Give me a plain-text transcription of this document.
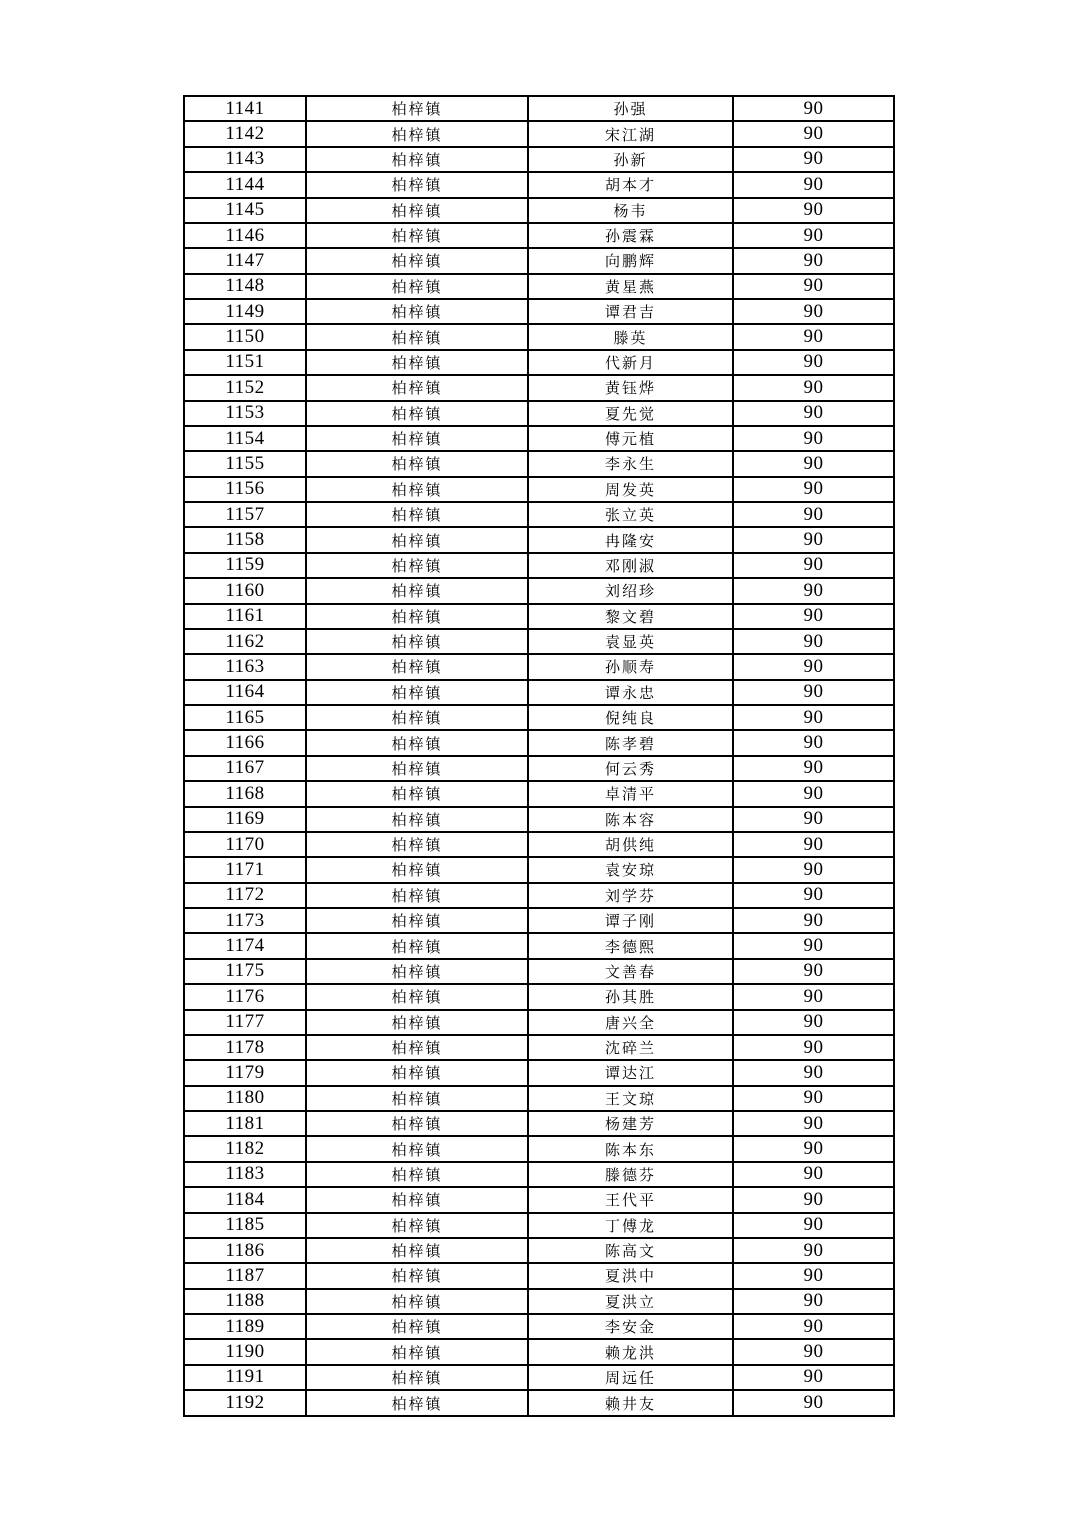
1141	柏梓镇	孙强	90
1142	柏梓镇	宋江湖	90
1143	柏梓镇	孙新	90
1144	柏梓镇	胡本才	90
1145	柏梓镇	杨韦	90
1146	柏梓镇	孙震霖	90
1147	柏梓镇	向鹏辉	90
1148	柏梓镇	黄星燕	90
1149	柏梓镇	谭君吉	90
1150	柏梓镇	滕英	90
1151	柏梓镇	代新月	90
1152	柏梓镇	黄钰烨	90
1153	柏梓镇	夏先觉	90
1154	柏梓镇	傅元植	90
1155	柏梓镇	李永生	90
1156	柏梓镇	周发英	90
1157	柏梓镇	张立英	90
1158	柏梓镇	冉隆安	90
1159	柏梓镇	邓刚淑	90
1160	柏梓镇	刘绍珍	90
1161	柏梓镇	黎文碧	90
1162	柏梓镇	袁显英	90
1163	柏梓镇	孙顺寿	90
1164	柏梓镇	谭永忠	90
1165	柏梓镇	倪纯良	90
1166	柏梓镇	陈孝碧	90
1167	柏梓镇	何云秀	90
1168	柏梓镇	卓清平	90
1169	柏梓镇	陈本容	90
1170	柏梓镇	胡供纯	90
1171	柏梓镇	袁安琼	90
1172	柏梓镇	刘学芬	90
1173	柏梓镇	谭子刚	90
1174	柏梓镇	李德熙	90
1175	柏梓镇	文善春	90
1176	柏梓镇	孙其胜	90
1177	柏梓镇	唐兴全	90
1178	柏梓镇	沈碎兰	90
1179	柏梓镇	谭达江	90
1180	柏梓镇	王文琼	90
1181	柏梓镇	杨建芳	90
1182	柏梓镇	陈本东	90
1183	柏梓镇	滕德芬	90
1184	柏梓镇	王代平	90
1185	柏梓镇	丁傅龙	90
1186	柏梓镇	陈高文	90
1187	柏梓镇	夏洪中	90
1188	柏梓镇	夏洪立	90
1189	柏梓镇	李安金	90
1190	柏梓镇	赖龙洪	90
1191	柏梓镇	周远任	90
1192	柏梓镇	赖井友	90
